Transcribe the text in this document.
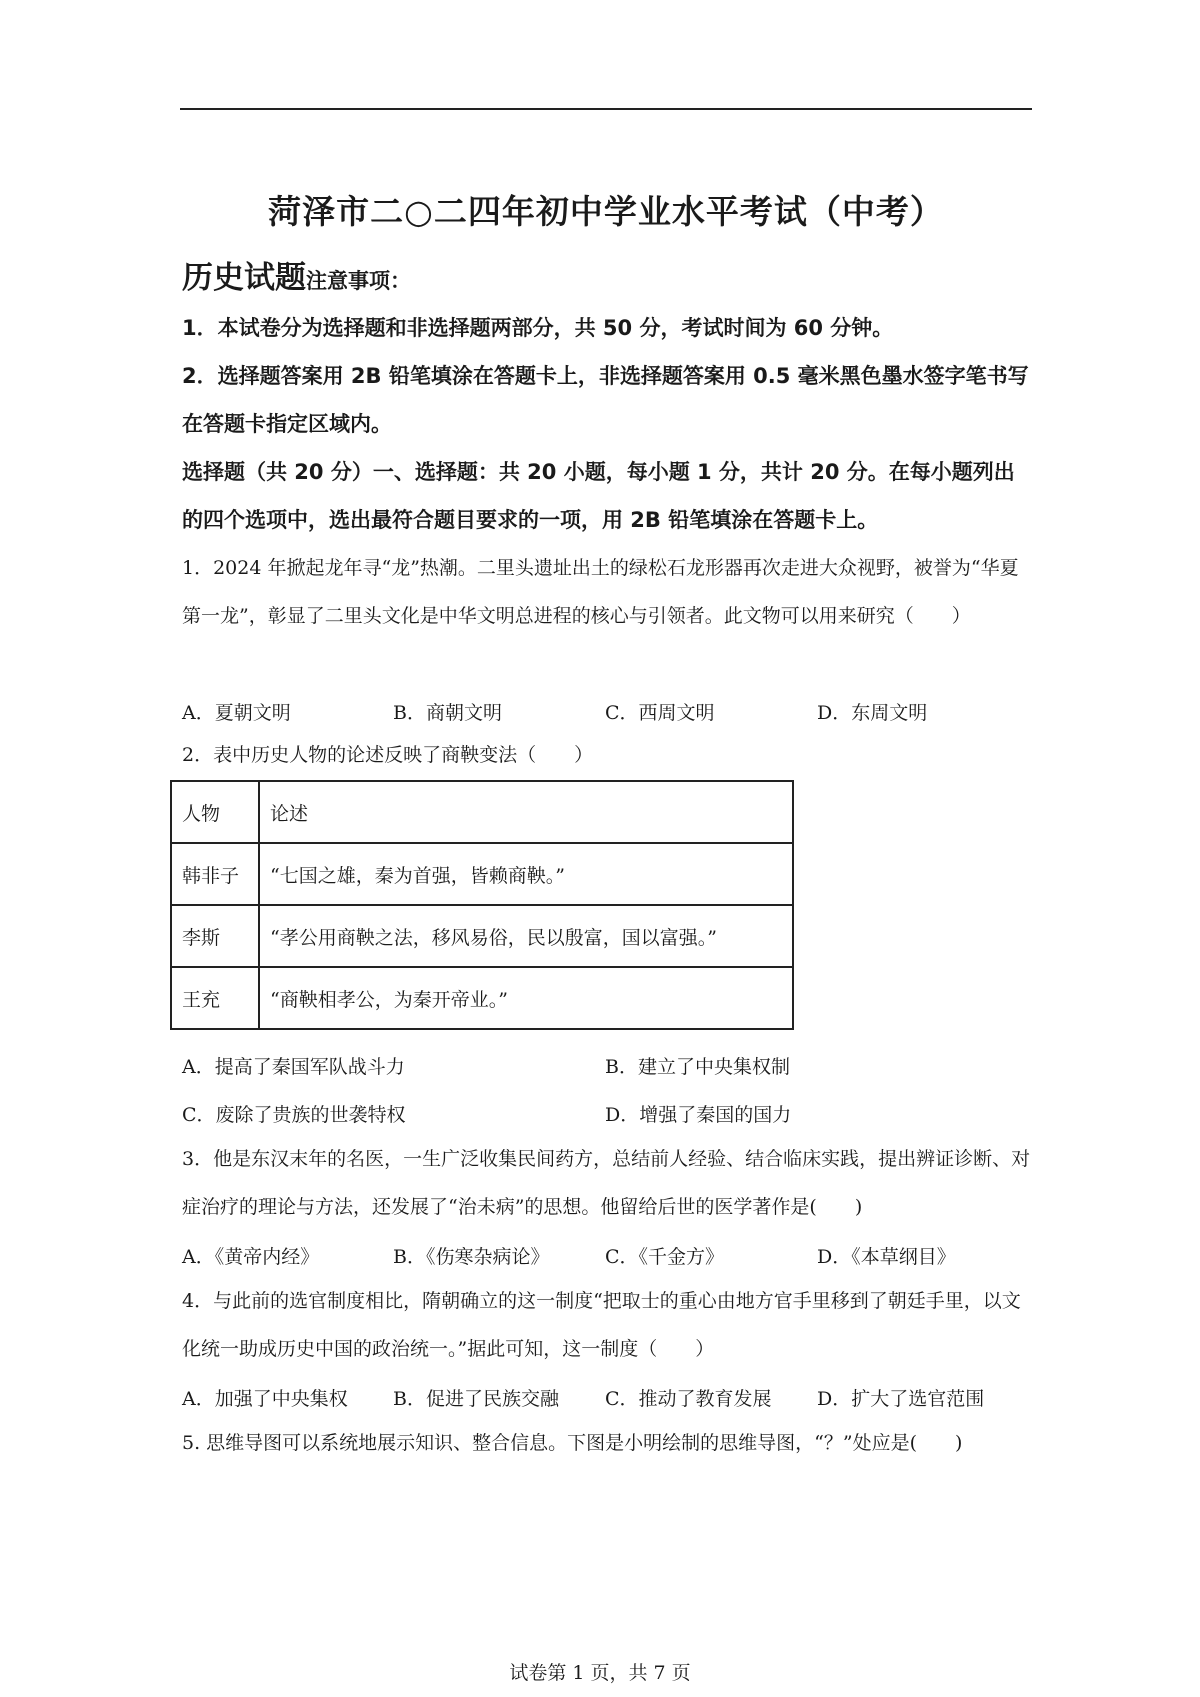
菏泽市二○二四年初中学业水平考试（中考）
历史试题注意事项：
1．本试卷分为选择题和非选择题两部分，共 50 分，考试时间为 60 分钟。
2．选择题答案用 2B 铅笔填涂在答题卡上，非选择题答案用 0.5 毫米黑色墨水签字笔书写在答题卡指定区域内。
选择题（共 20 分）一、选择题：共 20 小题，每小题 1 分，共计 20 分。在每小题列出的四个选项中，选出最符合题目要求的一项，用 2B 铅笔填涂在答题卡上。
1．2024 年掀起龙年寻“龙”热潮。二里头遗址出土的绿松石龙形器再次走进大众视野，被誉为“华夏第一龙”，彰显了二里头文化是中华文明总进程的核心与引领者。此文物可以用来研究（　　）
A．夏朝文明	B．商朝文明	C．西周文明	D．东周文明
2．表中历史人物的论述反映了商鞅变法（　　）
人物	论述
韩非子	“七国之雄，秦为首强，皆赖商鞅。”
李斯	“孝公用商鞅之法，移风易俗，民以殷富，国以富强。”
王充	“商鞅相孝公，为秦开帝业。”
A．提高了秦国军队战斗力	B．建立了中央集权制
C．废除了贵族的世袭特权	D．增强了秦国的国力
3．他是东汉末年的名医，一生广泛收集民间药方，总结前人经验、结合临床实践，提出辨证诊断、对症治疗的理论与方法，还发展了“治未病”的思想。他留给后世的医学著作是(　　)
A．《黄帝内经》	B．《伤寒杂病论》	C．《千金方》	D．《本草纲目》
4．与此前的选官制度相比，隋朝确立的这一制度“把取士的重心由地方官手里移到了朝廷手里，以文化统一助成历史中国的政治统一。”据此可知，这一制度（　　）
A．加强了中央集权 B．促进了民族交融 C．推动了教育发展 D．扩大了选官范围
5. 思维导图可以系统地展示知识、整合信息。下图是小明绘制的思维导图，“？”处应是(　　)
试卷第 1 页，共 7 页
